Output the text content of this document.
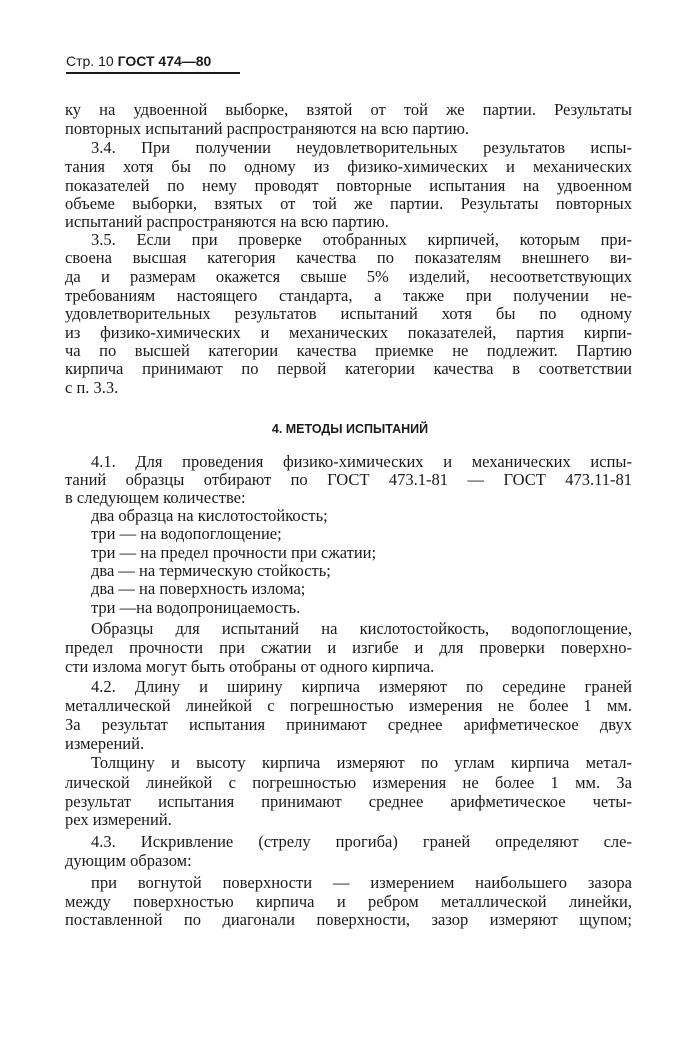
Стр. 10 ГОСТ 474—80
4. МЕТОДЫ ИСПЫТАНИЙ
ку на удвоенной выборке, взятой от той же партии. Результаты
повторных испытаний распространяются на всю партию.
3.4. При получении неудовлетворительных результатов испы-
тания хотя бы по одному из физико-химических и механических
показателей по нему проводят повторные испытания на удвоенном
объеме выборки, взятых от той же партии. Результаты повторных
испытаний распространяются на всю партию.
3.5. Если при проверке отобранных кирпичей, которым при-
своена высшая категория качества по показателям внешнего ви-
да и размерам окажется свыше 5% изделий, несоответствующих
требованиям настоящего стандарта, а также при получении не-
удовлетворительных результатов испытаний хотя бы по одному
из физико-химических и механических показателей, партия кирпи-
ча по высшей категории качества приемке не подлежит. Партию
кирпича принимают по первой категории качества в соответствии
с п. 3.3.
4.1. Для проведения физико-химических и механических испы-
таний образцы отбирают по ГОСТ 473.1-81 — ГОСТ 473.11-81
в следующем количестве:
два образца на кислотостойкость;
три — на водопоглощение;
три — на предел прочности при сжатии;
два — на термическую стойкость;
два — на поверхность излома;
три —на водопроницаемость.
Образцы для испытаний на кислотостойкость, водопоглощение,
предел прочности при сжатии и изгибе и для проверки поверхно-
сти излома могут быть отобраны от одного кирпича.
4.2. Длину и ширину кирпича измеряют по середине граней
металлической линейкой с погрешностью измерения не более 1 мм.
За результат испытания принимают среднее арифметическое двух
измерений.
Толщину и высоту кирпича измеряют по углам кирпича метал-
лической линейкой с погрешностью измерения не более 1 мм. За
результат испытания принимают среднее арифметическое четы-
рех измерений.
4.3. Искривление (стрелу прогиба) граней определяют сле-
дующим образом:
при вогнутой поверхности — измерением наибольшего зазора
между поверхностью кирпича и ребром металлической линейки,
поставленной по диагонали поверхности, зазор измеряют щупом;
